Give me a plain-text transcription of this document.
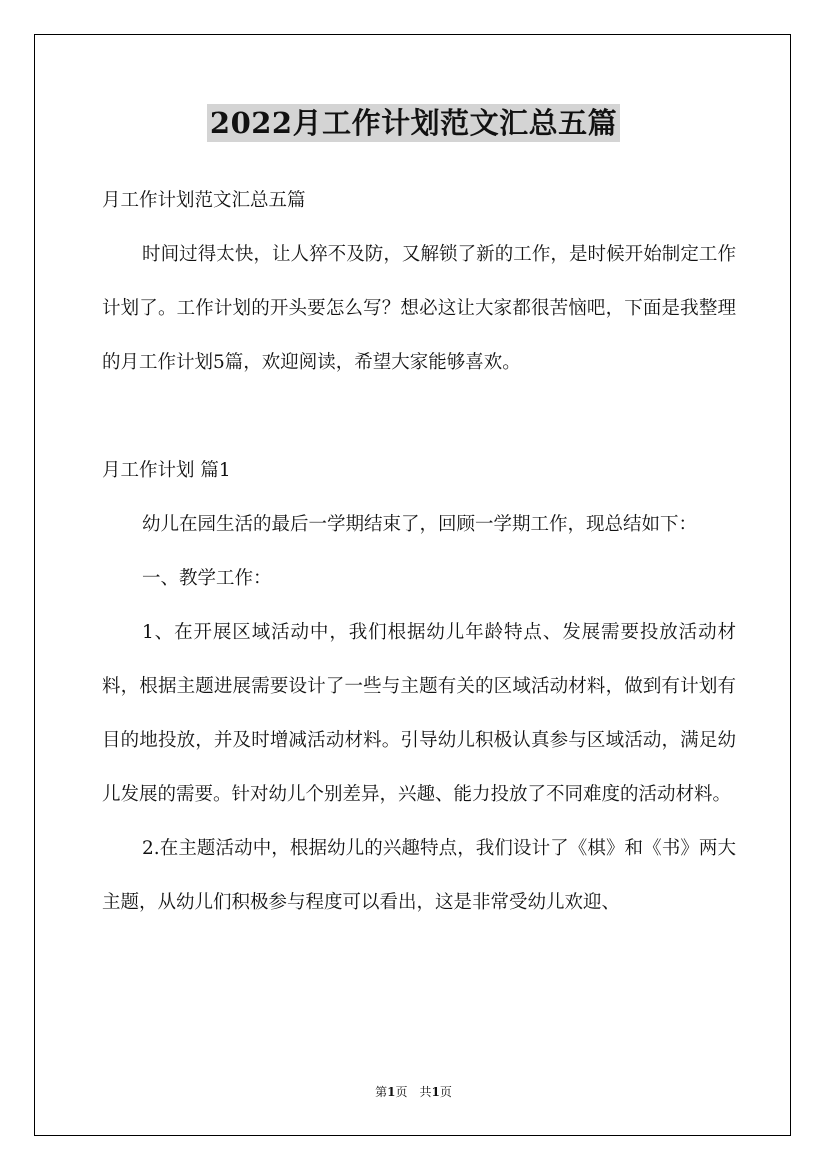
2022月工作计划范文汇总五篇

月工作计划范文汇总五篇

时间过得太快，让人猝不及防，又解锁了新的工作，是时候开始制定工作计划了。工作计划的开头要怎么写？想必这让大家都很苦恼吧，下面是我整理的月工作计划5篇，欢迎阅读，希望大家能够喜欢。

月工作计划 篇1

幼儿在园生活的最后一学期结束了，回顾一学期工作，现总结如下：

一、教学工作：

1、在开展区域活动中，我们根据幼儿年龄特点、发展需要投放活动材料，根据主题进展需要设计了一些与主题有关的区域活动材料，做到有计划有目的地投放，并及时增减活动材料。引导幼儿积极认真参与区域活动，满足幼儿发展的需要。针对幼儿个别差异，兴趣、能力投放了不同难度的活动材料。

2.在主题活动中，根据幼儿的兴趣特点，我们设计了《棋》和《书》两大主题，从幼儿们积极参与程度可以看出，这是非常受幼儿欢迎、

第1页　共1页
